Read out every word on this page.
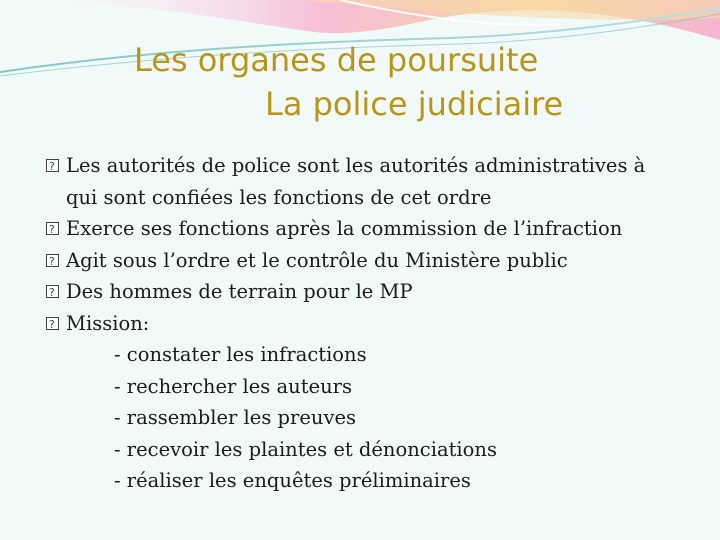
Les organes de poursuite
La police judiciaire
?
Les autorités de police sont les autorités administratives à
qui sont confiées les fonctions de cet ordre
?
Exerce ses fonctions après la commission de l’infraction
?
Agit sous l’ordre et le contrôle du Ministère public
?
Des hommes de terrain pour le MP
?
Mission:
- constater les infractions
- rechercher les auteurs
- rassembler les preuves
- recevoir les plaintes et dénonciations
- réaliser les enquêtes préliminaires
